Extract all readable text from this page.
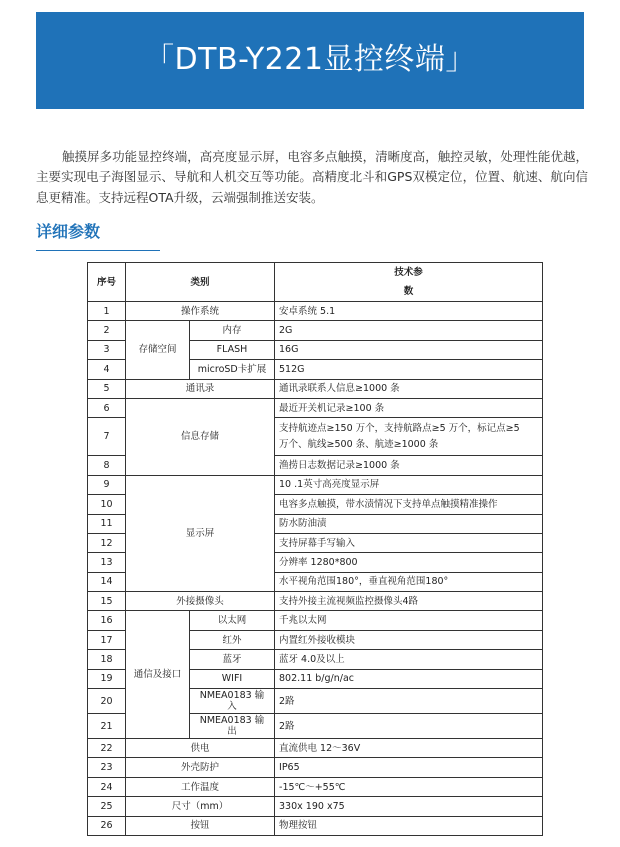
「DTB-Y221显控终端」

触摸屏多功能显控终端，高亮度显示屏，电容多点触摸，清晰度高，触控灵敏，处理性能优越，主要实现电子海图显示、导航和人机交互等功能。高精度北斗和GPS双模定位，位置、航速、航向信息更精准。支持远程OTA升级，云端强制推送安装。

详细参数
序号	类别		技术参
数
1	操作系统		安卓系统 5.1
2	存储空间	内存	2G
3		FLASH	16G
4		microSD卡扩展	512G
5	通讯录		通讯录联系人信息≥1000 条
6	信息存储		最近开关机记录≥100 条
7			支持航迹点≥150 万个，支持航路点≥5 万个，标记点≥5
万个、航线≥500 条、航迹≥1000 条
8			渔捞日志数据记录≥1000 条
9	显示屏		10 .1英寸高亮度显示屏
10			电容多点触摸，带水渍情况下支持单点触摸精准操作
11			防水防油渍
12			支持屏幕手写输入
13			分辨率 1280*800
14			水平视角范围180°，垂直视角范围180°
15	外接摄像头		支持外接主流视频监控摄像头4路
16	通信及接口	以太网	千兆以太网
17		红外	内置红外接收模块
18		蓝牙	蓝牙 4.0及以上
19		WIFI	802.11 b/g/n/ac
20		NMEA0183 输
入	2路
21		NMEA0183 输
出	2路
22	供电		直流供电 12～36V
23	外壳防护		IP65
24	工作温度		-15℃～+55℃
25	尺寸（mm）		330x 190 x75
26	按钮		物理按钮
